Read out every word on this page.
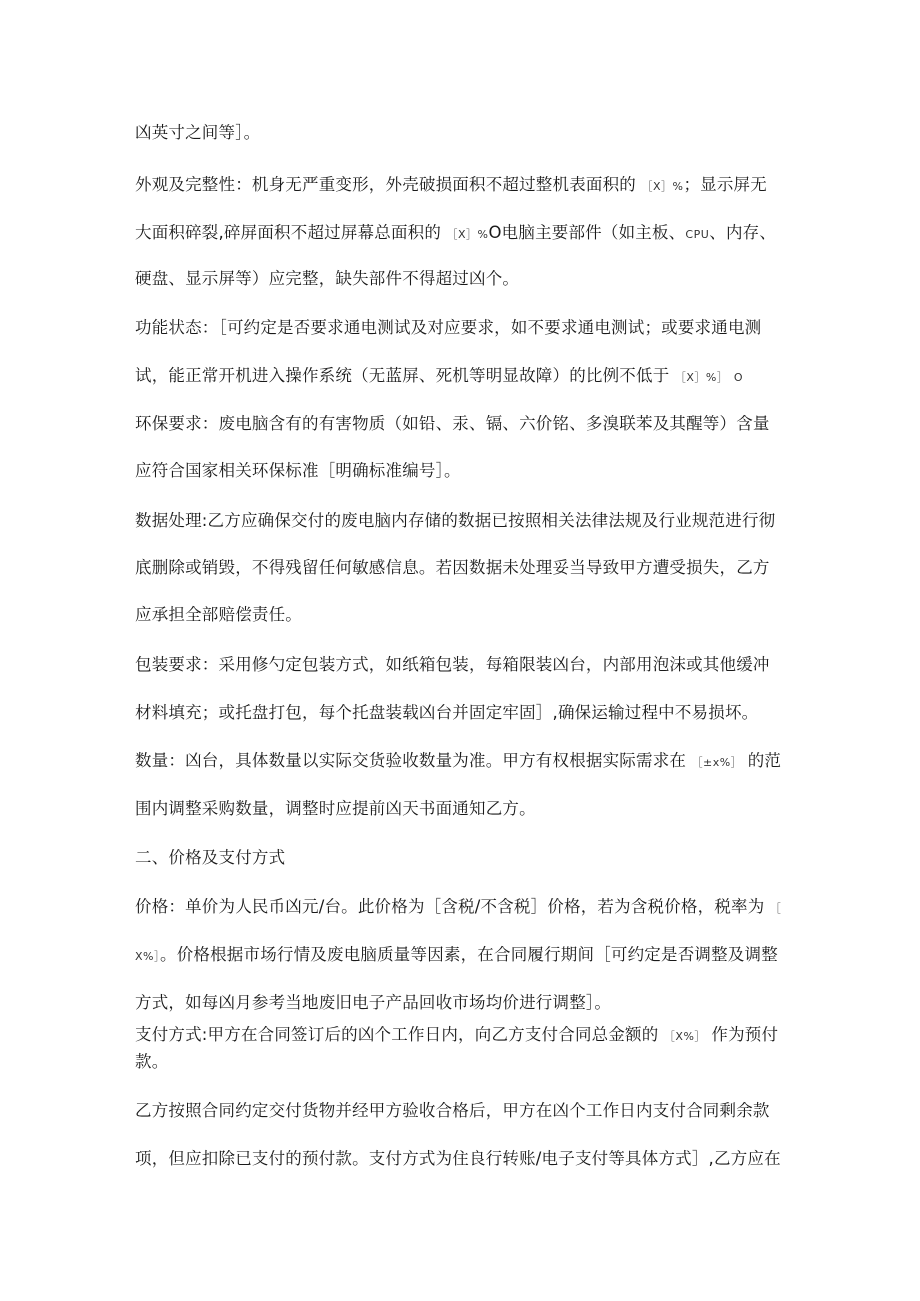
凶英寸之间等］。
外观及完整性：机身无严重变形，外壳破损面积不超过整机表面积的 ［X］%；显示屏无
大面积碎裂,碎屏面积不超过屏幕总面积的 ［X］%O电脑主要部件（如主板、CPU、内存、
硬盘、显示屏等）应完整，缺失部件不得超过凶个。
功能状态：［可约定是否要求通电测试及对应要求，如不要求通电测试；或要求通电测
试，能正常开机进入操作系统（无蓝屏、死机等明显故障）的比例不低于 ［X］%］ O
环保要求：废电脑含有的有害物质（如铅、汞、镉、六价铭、多溴联苯及其醒等）含量
应符合国家相关环保标准［明确标准编号］。
数据处理:乙方应确保交付的废电脑内存储的数据已按照相关法律法规及行业规范进行彻
底删除或销毁，不得残留任何敏感信息。若因数据未处理妥当导致甲方遭受损失，乙方
应承担全部赔偿责任。
包装要求：采用修勺定包装方式，如纸箱包装，每箱限装凶台，内部用泡沫或其他缓冲
材料填充；或托盘打包，每个托盘装载凶台并固定牢固］,确保运输过程中不易损坏。
数量：凶台，具体数量以实际交货验收数量为准。甲方有权根据实际需求在 ［±x%］ 的范
围内调整采购数量，调整时应提前凶天书面通知乙方。
二、价格及支付方式
价格：单价为人民币凶元/台。此价格为［含税/不含税］价格，若为含税价格，税率为 ［
X%］。价格根据市场行情及废电脑质量等因素，在合同履行期间［可约定是否调整及调整
方式，如每凶月参考当地废旧电子产品回收市场均价进行调整］。
支付方式:甲方在合同签订后的凶个工作日内，向乙方支付合同总金额的 ［X%］ 作为预付
款。
乙方按照合同约定交付货物并经甲方验收合格后，甲方在凶个工作日内支付合同剩余款
项，但应扣除已支付的预付款。支付方式为住良行转账/电子支付等具体方式］,乙方应在
